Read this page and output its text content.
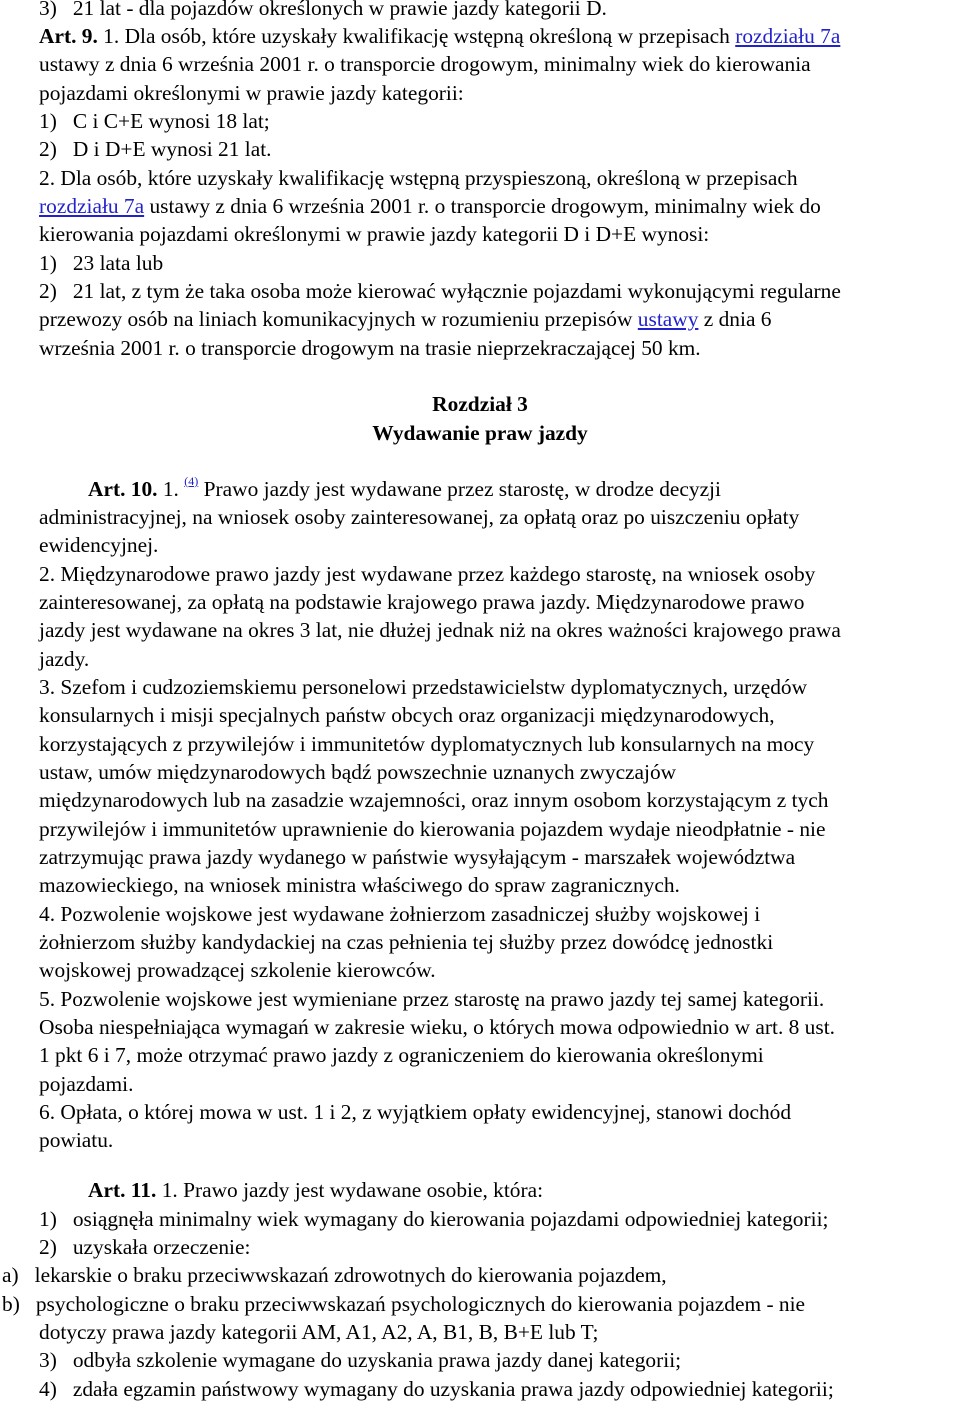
3)  21 lat - dla pojazdów określonych w prawie jazdy kategorii D.
Art. 9. 1. Dla osób, które uzyskały kwalifikację wstępną określoną w przepisach rozdziału 7a
ustawy z dnia 6 września 2001 r. o transporcie drogowym, minimalny wiek do kierowania
pojazdami określonymi w prawie jazdy kategorii:
1)  C i C+E wynosi 18 lat;
2)  D i D+E wynosi 21 lat.
2. Dla osób, które uzyskały kwalifikację wstępną przyspieszoną, określoną w przepisach
rozdziału 7a ustawy z dnia 6 września 2001 r. o transporcie drogowym, minimalny wiek do
kierowania pojazdami określonymi w prawie jazdy kategorii D i D+E wynosi:
1)  23 lata lub
2)  21 lat, z tym że taka osoba może kierować wyłącznie pojazdami wykonującymi regularne
przewozy osób na liniach komunikacyjnych w rozumieniu przepisów ustawy z dnia 6
września 2001 r. o transporcie drogowym na trasie nieprzekraczającej 50 km.
Rozdział 3
Wydawanie praw jazdy
Art. 10. 1. $^{(4)}$ Prawo jazdy jest wydawane przez starostę, w drodze decyzji
administracyjnej, na wniosek osoby zainteresowanej, za opłatą oraz po uiszczeniu opłaty
ewidencyjnej.
2. Międzynarodowe prawo jazdy jest wydawane przez każdego starostę, na wniosek osoby
zainteresowanej, za opłatą na podstawie krajowego prawa jazdy. Międzynarodowe prawo
jazdy jest wydawane na okres 3 lat, nie dłużej jednak niż na okres ważności krajowego prawa
jazdy.
3. Szefom i cudzoziemskiemu personelowi przedstawicielstw dyplomatycznych, urzędów
konsularnych i misji specjalnych państw obcych oraz organizacji międzynarodowych,
korzystających z przywilejów i immunitetów dyplomatycznych lub konsularnych na mocy
ustaw, umów międzynarodowych bądź powszechnie uznanych zwyczajów
międzynarodowych lub na zasadzie wzajemności, oraz innym osobom korzystającym z tych
przywilejów i immunitetów uprawnienie do kierowania pojazdem wydaje nieodpłatnie - nie
zatrzymując prawa jazdy wydanego w państwie wysyłającym - marszałek województwa
mazowieckiego, na wniosek ministra właściwego do spraw zagranicznych.
4. Pozwolenie wojskowe jest wydawane żołnierzom zasadniczej służby wojskowej i
żołnierzom służby kandydackiej na czas pełnienia tej służby przez dowódcę jednostki
wojskowej prowadzącej szkolenie kierowców.
5. Pozwolenie wojskowe jest wymieniane przez starostę na prawo jazdy tej samej kategorii.
Osoba niespełniająca wymagań w zakresie wieku, o których mowa odpowiednio w art. 8 ust.
1 pkt 6 i 7, może otrzymać prawo jazdy z ograniczeniem do kierowania określonymi
pojazdami.
6. Opłata, o której mowa w ust. 1 i 2, z wyjątkiem opłaty ewidencyjnej, stanowi dochód
powiatu.
Art. 11. 1. Prawo jazdy jest wydawane osobie, która:
1)  osiągnęła minimalny wiek wymagany do kierowania pojazdami odpowiedniej kategorii;
2)  uzyskała orzeczenie:
a)  lekarskie o braku przeciwwskazań zdrowotnych do kierowania pojazdem,
b)  psychologiczne o braku przeciwwskazań psychologicznych do kierowania pojazdem - nie
dotyczy prawa jazdy kategorii AM, A1, A2, A, B1, B, B+E lub T;
3)  odbyła szkolenie wymagane do uzyskania prawa jazdy danej kategorii;
4)  zdała egzamin państwowy wymagany do uzyskania prawa jazdy odpowiedniej kategorii;
